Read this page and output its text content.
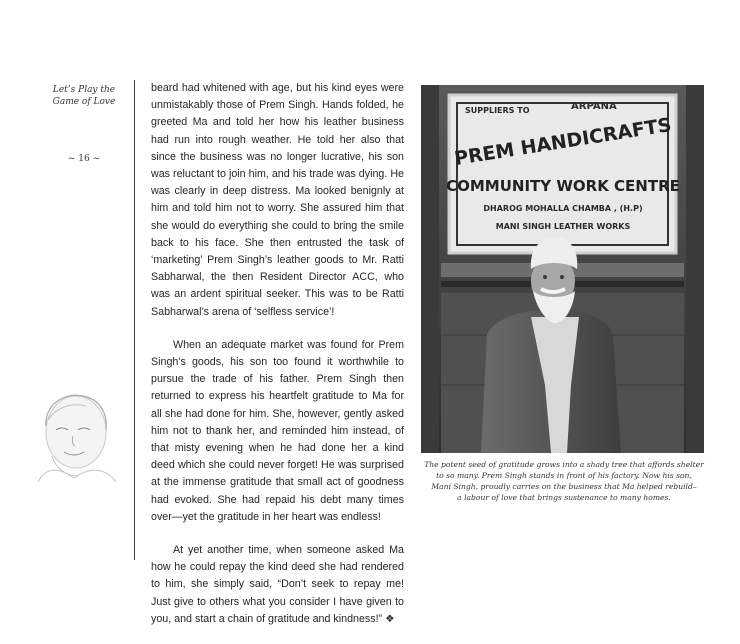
Let’s Play the
Game of Love
~ 16 ~

beard had whitened with age, but his kind eyes were unmistakably those of Prem Singh. Hands folded, he greeted Ma and told her how his leather business had run into rough weather. He told her also that since the business was no longer lucrative, his son was reluctant to join him, and his trade was dying. He was clearly in deep distress. Ma looked benignly at him and told him not to worry. She assured him that she would do everything she could to bring the smile back to his face. She then entrusted the task of ‘marketing’ Prem Singh’s leather goods to Mr. Ratti Sabharwal, the then Resident Director ACC, who was an ardent spiritual seeker. This was to be Ratti Sabharwal’s arena of ‘selfless service’!

When an adequate market was found for Prem Singh’s goods, his son too found it worthwhile to pursue the trade of his father. Prem Singh then returned to express his heartfelt gratitude to Ma for all she had done for him. She, however, gently asked him not to thank her, and reminded him instead, of that misty evening when he had done her a kind deed which she could never forget! He was surprised at the immense gratitude that small act of goodness had evoked. She had repaid his debt many times over—yet the gratitude in her heart was endless!

At yet another time, when someone asked Ma how he could repay the kind deed she had rendered to him, she simply said, “Don’t seek to repay me! Just give to others what you consider I have given to you, and start a chain of gratitude and kindness!” ❖

SUPPLIERS TO	ARPANA
PREM HANDICRAFTS
COMMUNITY WORK CENTRE
DHAROG MOHALLA CHAMBA , (H.P)
MANI SINGH LEATHER WORKS
The potent seed of gratitude grows into a shady tree that affords shelter
to so many. Prem Singh stands in front of his factory. Now his son,
Mani Singh, proudly carries on the business that Ma helped rebuild–
a labour of love that brings sustenance to many homes.
